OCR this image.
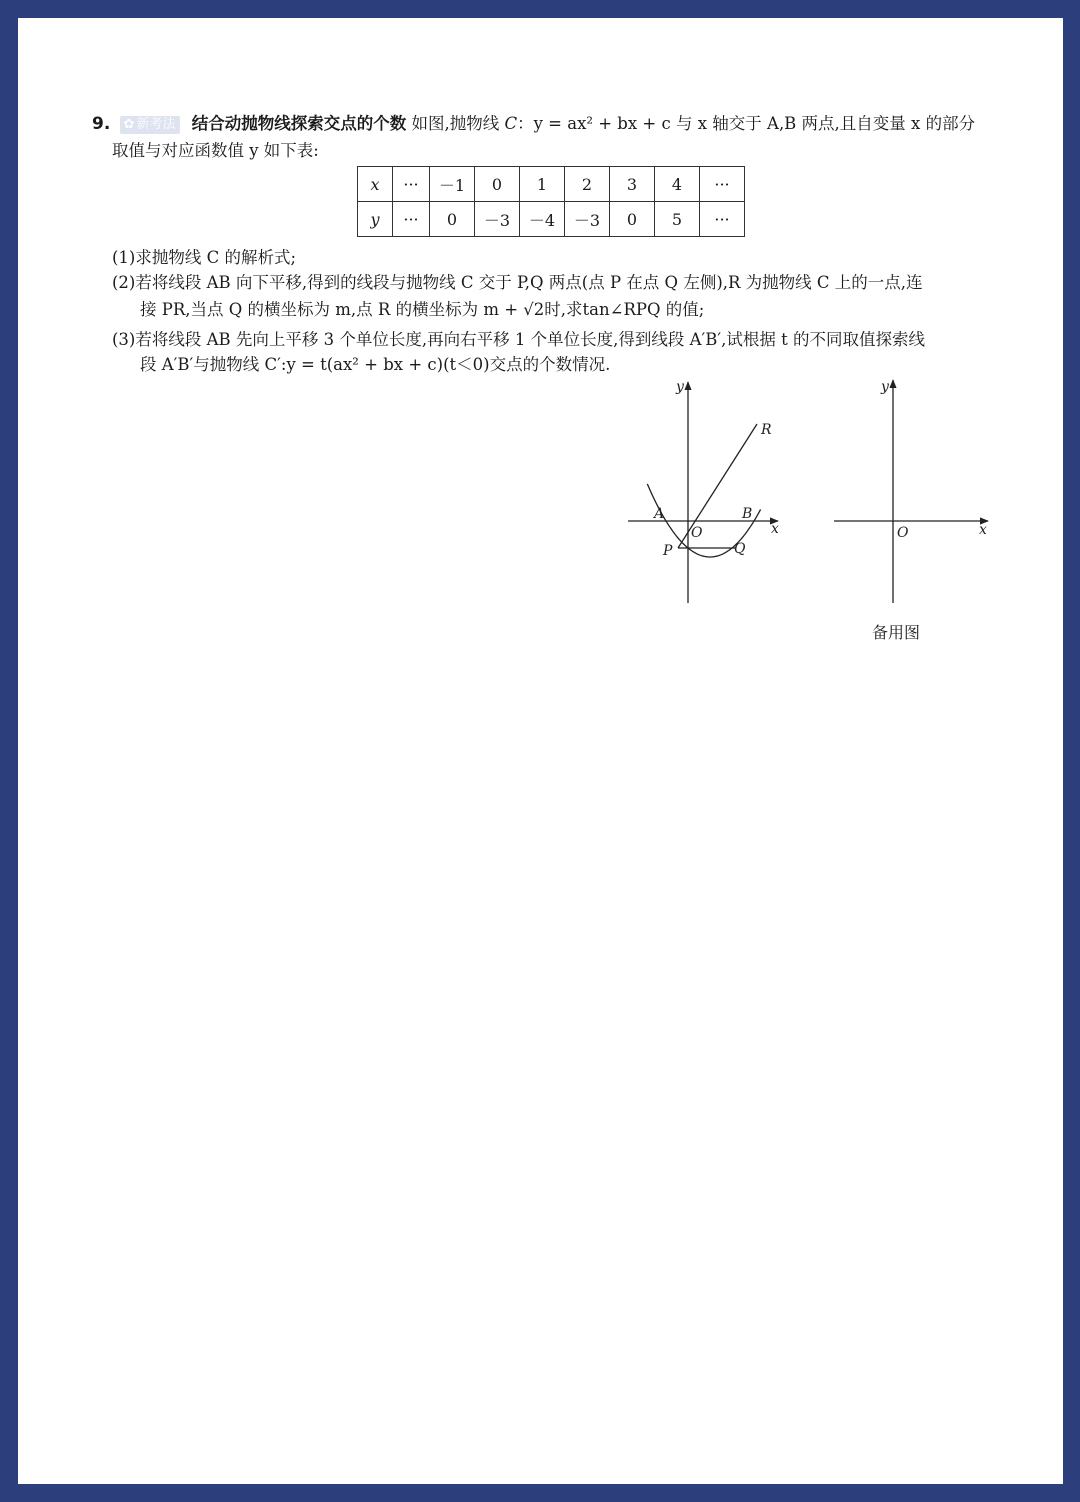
9. ✿ 新考法 结合动抛物线探索交点的个数 如图,抛物线 C：y = ax² + bx + c 与 x 轴交于 A,B 两点,且自变量 x 的部分
取值与对应函数值 y 如下表:
x	···	－1	0	1	2	3	4	···
y	···	0	－3	－4	－3	0	5	···
(1)求抛物线 C 的解析式;
(2)若将线段 AB 向下平移,得到的线段与抛物线 C 交于 P,Q 两点(点 P 在点 Q 左侧),R 为抛物线 C 上的一点,连
接 PR,当点 Q 的横坐标为 m,点 R 的横坐标为 m + √2时,求tan∠RPQ 的值;
(3)若将线段 AB 先向上平移 3 个单位长度,再向右平移 1 个单位长度,得到线段 A′B′,试根据 t 的不同取值探索线
段 A′B′与抛物线 C′:y = t(ax² + bx + c)(t＜0)交点的个数情况.
y
x
O
A	B
P	Q
R
y
x
O
备用图
